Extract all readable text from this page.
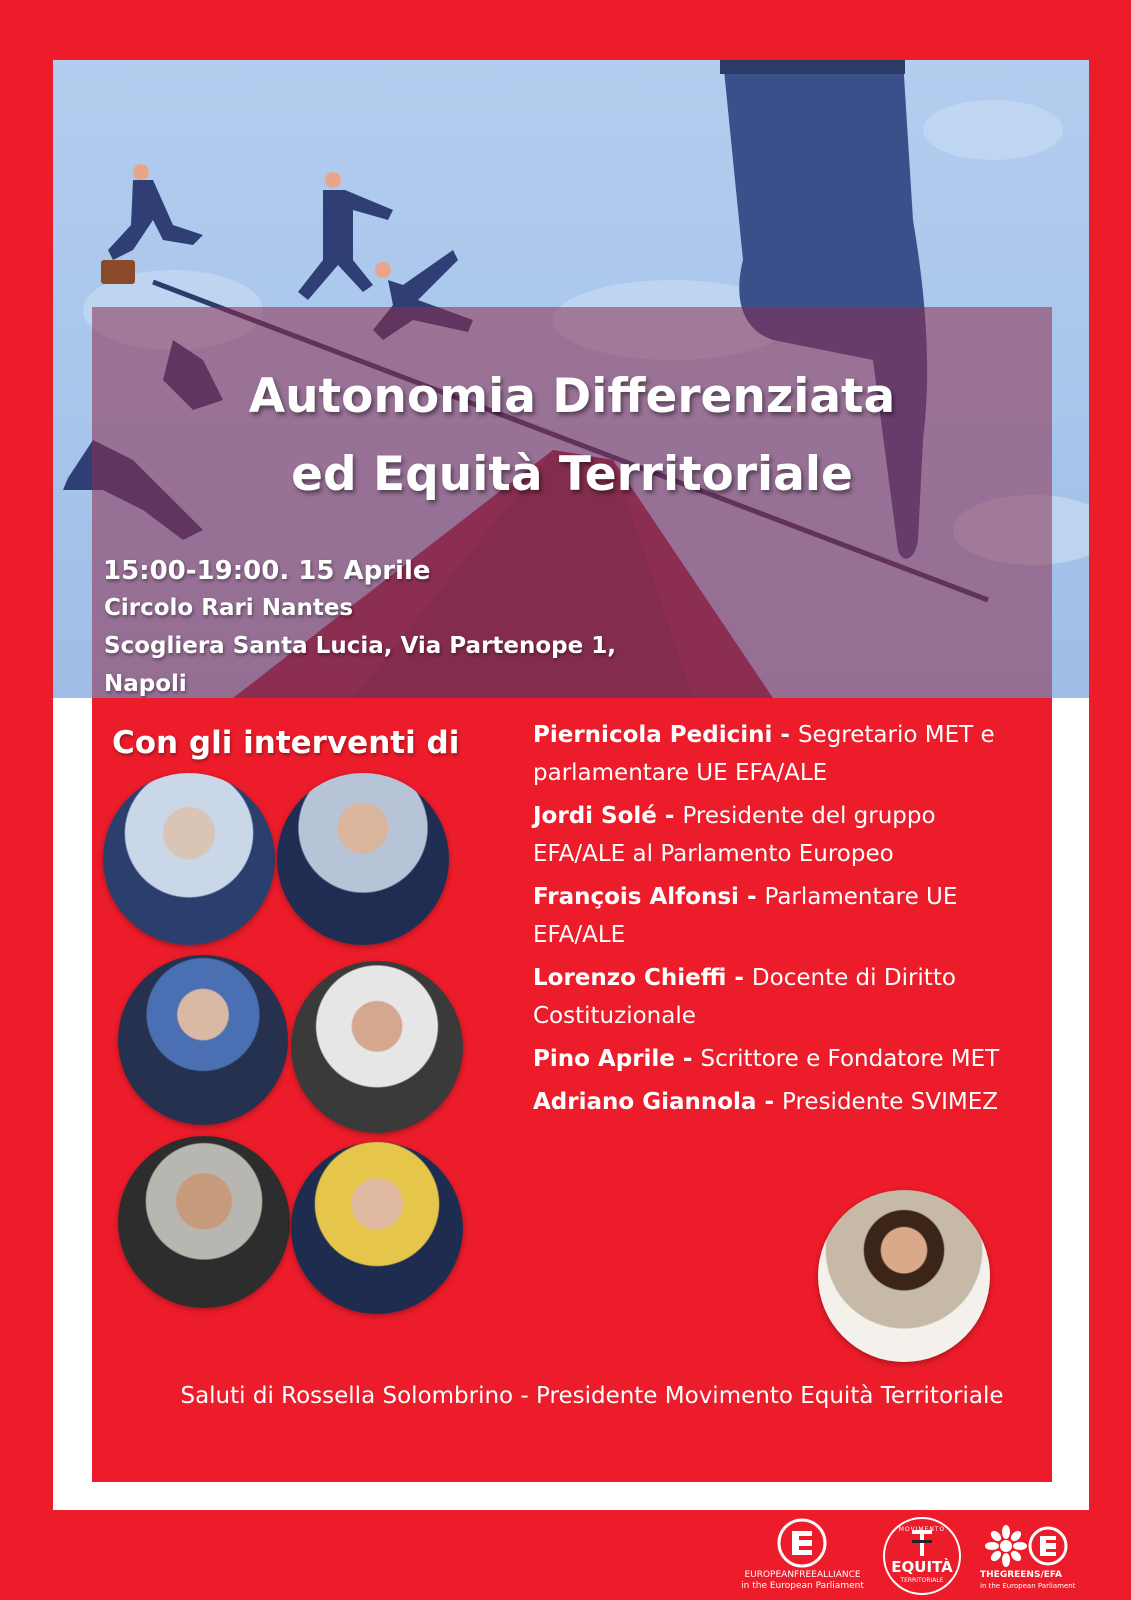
Autonomia Differenziata
ed Equità Territoriale
15:00-19:00. 15 Aprile
Circolo Rari Nantes
Scogliera Santa Lucia, Via Partenope 1,
Napoli
Con gli interventi di	Piernicola Pedicini - Segretario MET e parlamentare UE EFA/ALE
Jordi Solé - Presidente del gruppo EFA/ALE al Parlamento Europeo
François Alfonsi - Parlamentare UE EFA/ALE
Lorenzo Chieffi - Docente di Diritto Costituzionale
Pino Aprile - Scrittore e Fondatore MET
Adriano Giannola - Presidente SVIMEZ
Saluti di Rossella Solombrino - Presidente Movimento Equità Territoriale
EUROPEANFREEALLIANCE
in the European Parliament
MOVIMENTO
EQUITÀ
TERRITORIALE
THEGREENS/EFA
in the European Parliament
